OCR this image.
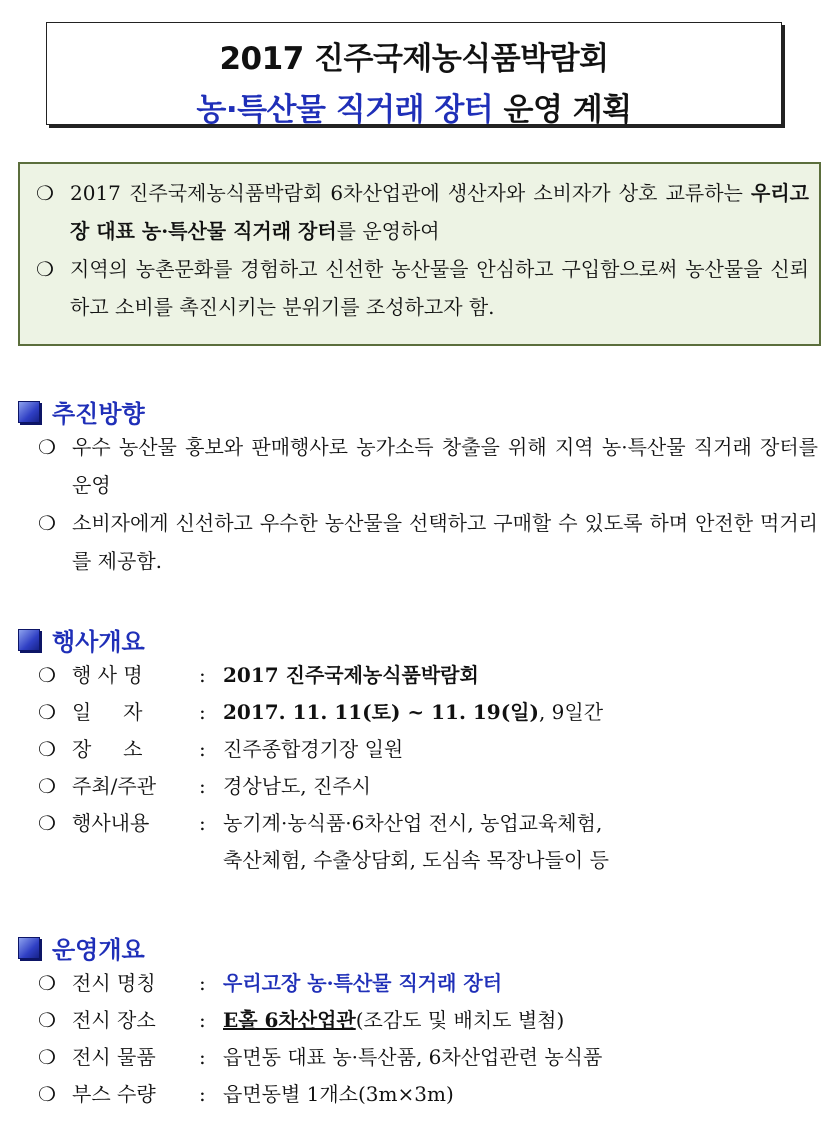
2017 진주국제농식품박람회
농·특산물 직거래 장터 운영 계획
❍ 2017 진주국제농식품박람회 6차산업관에 생산자와 소비자가 상호 교류하는 우리고장 대표 농·특산물 직거래 장터를 운영하여
❍ 지역의 농촌문화를 경험하고 신선한 농산물을 안심하고 구입함으로써 농산물을 신뢰하고 소비를 촉진시키는 분위기를 조성하고자 함.
추진방향
❍ 우수 농산물 홍보와 판매행사로 농가소득 창출을 위해 지역 농·특산물 직거래 장터를 운영
❍ 소비자에게 신선하고 우수한 농산물을 선택하고 구매할 수 있도록 하며 안전한 먹거리를 제공함.
행사개요
❍ 행 사 명	: 2017 진주국제농식품박람회
❍ 일     자	: 2017. 11. 11(토) ~ 11. 19(일), 9일간
❍ 장     소	: 진주종합경기장 일원
❍ 주최/주관	: 경상남도, 진주시
❍ 행사내용	: 농기계·농식품·6차산업 전시, 농업교육체험,
축산체험, 수출상담회, 도심속 목장나들이 등
운영개요
❍ 전시 명칭	: 우리고장 농·특산물 직거래 장터
❍ 전시 장소	: E홀 6차산업관(조감도 및 배치도 별첨)
❍ 전시 물품	: 읍면동 대표 농·특산품, 6차산업관련 농식품
❍ 부스 수량	: 읍면동별 1개소(3m×3m)
